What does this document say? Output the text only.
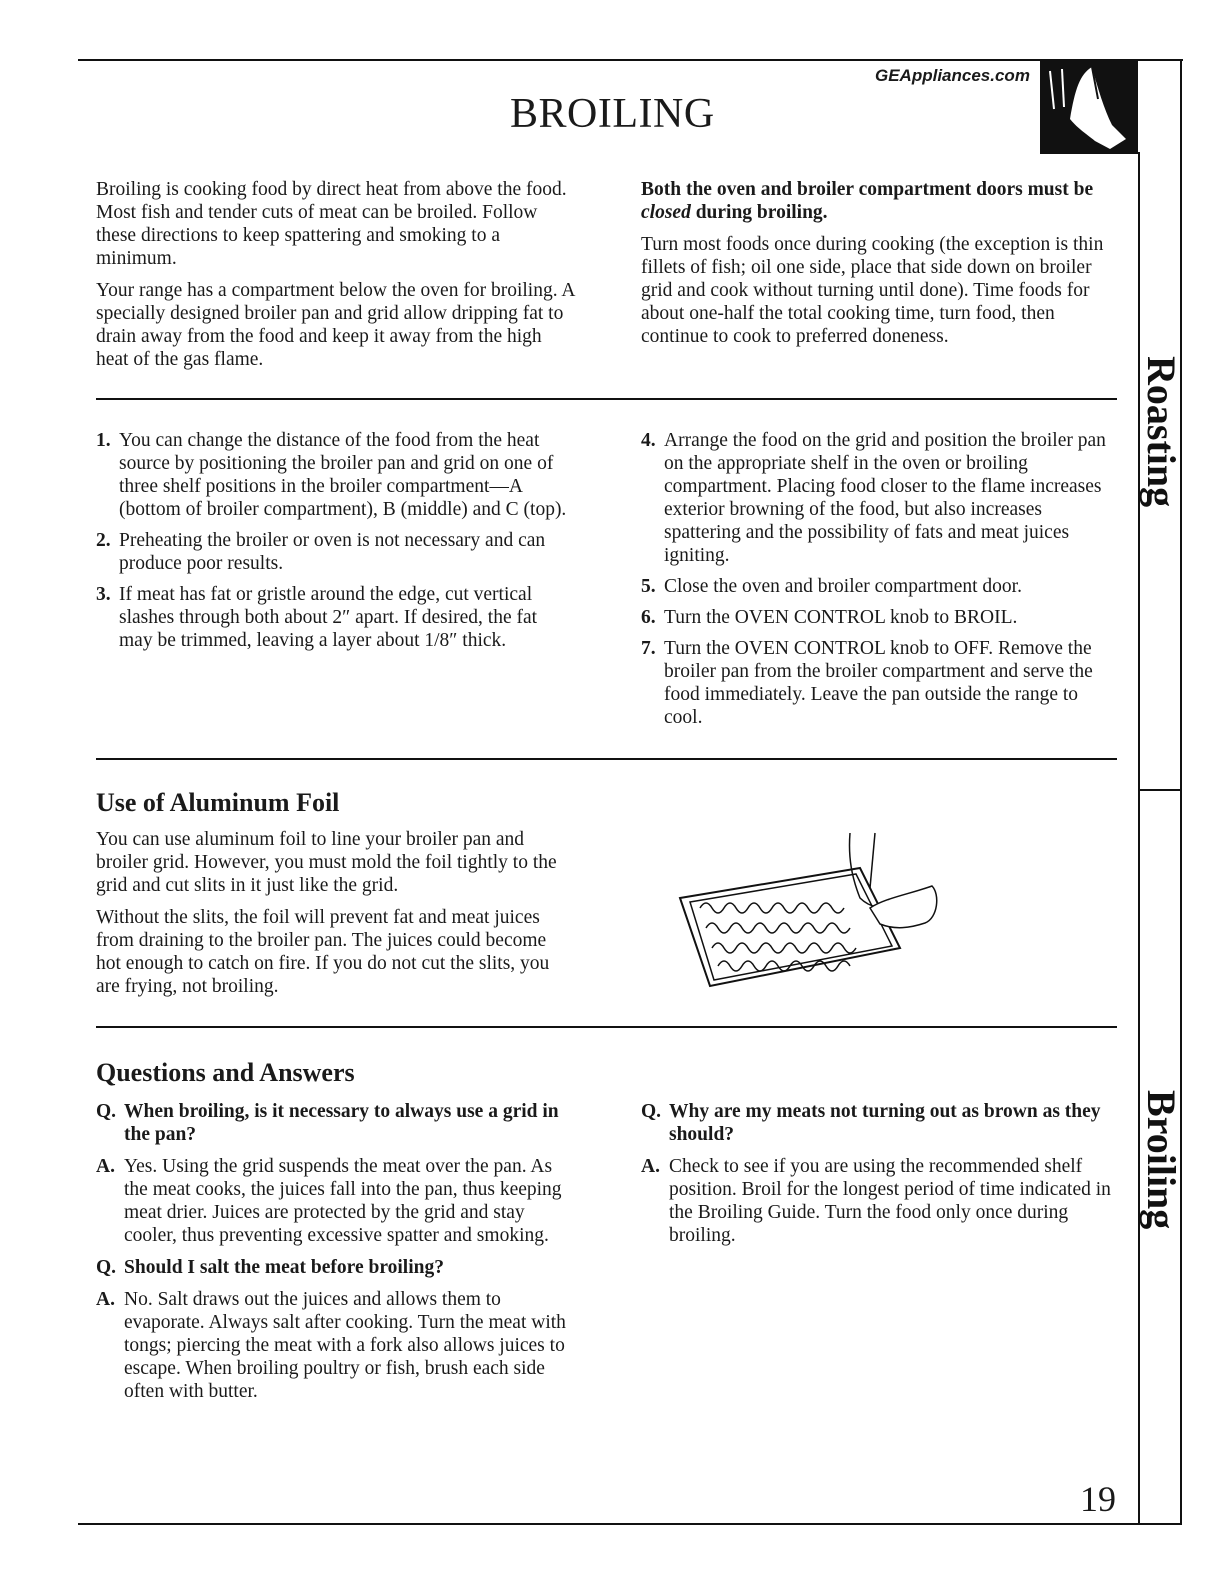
GEAppliances.com
BROILING

Broiling is cooking food by direct heat from above the food. Most fish and tender cuts of meat can be broiled. Follow these directions to keep spattering and smoking to a minimum.

Your range has a compartment below the oven for broiling. A specially designed broiler pan and grid allow dripping fat to drain away from the food and keep it away from the high heat of the gas flame.

Both the oven and broiler compartment doors must be closed during broiling.

Turn most foods once during cooking (the exception is thin fillets of fish; oil one side, place that side down on broiler grid and cook without turning until done). Time foods for about one-half the total cooking time, turn food, then continue to cook to preferred doneness.

1. You can change the distance of the food from the heat source by positioning the broiler pan and grid on one of three shelf positions in the broiler compartment—A (bottom of broiler compartment), B (middle) and C (top).
2. Preheating the broiler or oven is not necessary and can produce poor results.
3. If meat has fat or gristle around the edge, cut vertical slashes through both about 2″ apart. If desired, the fat may be trimmed, leaving a layer about 1/8″ thick.
4. Arrange the food on the grid and position the broiler pan on the appropriate shelf in the oven or broiling compartment. Placing food closer to the flame increases exterior browning of the food, but also increases spattering and the possibility of fats and meat juices igniting.
5. Close the oven and broiler compartment door.
6. Turn the OVEN CONTROL knob to BROIL.
7. Turn the OVEN CONTROL knob to OFF. Remove the broiler pan from the broiler compartment and serve the food immediately. Leave the pan outside the range to cool.
Use of Aluminum Foil

You can use aluminum foil to line your broiler pan and broiler grid. However, you must mold the foil tightly to the grid and cut slits in it just like the grid.

Without the slits, the foil will prevent fat and meat juices from draining to the broiler pan. The juices could become hot enough to catch on fire. If you do not cut the slits, you are frying, not broiling.

Questions and Answers
Q. When broiling, is it necessary to always use a grid in the pan?
A. Yes. Using the grid suspends the meat over the pan. As the meat cooks, the juices fall into the pan, thus keeping meat drier. Juices are protected by the grid and stay cooler, thus preventing excessive spatter and smoking.
Q. Should I salt the meat before broiling?
A. No. Salt draws out the juices and allows them to evaporate. Always salt after cooking. Turn the meat with tongs; piercing the meat with a fork also allows juices to escape. When broiling poultry or fish, brush each side often with butter.
Q. Why are my meats not turning out as brown as they should?
A. Check to see if you are using the recommended shelf position. Broil for the longest period of time indicated in the Broiling Guide. Turn the food only once during broiling.
Roasting
Broiling
19
